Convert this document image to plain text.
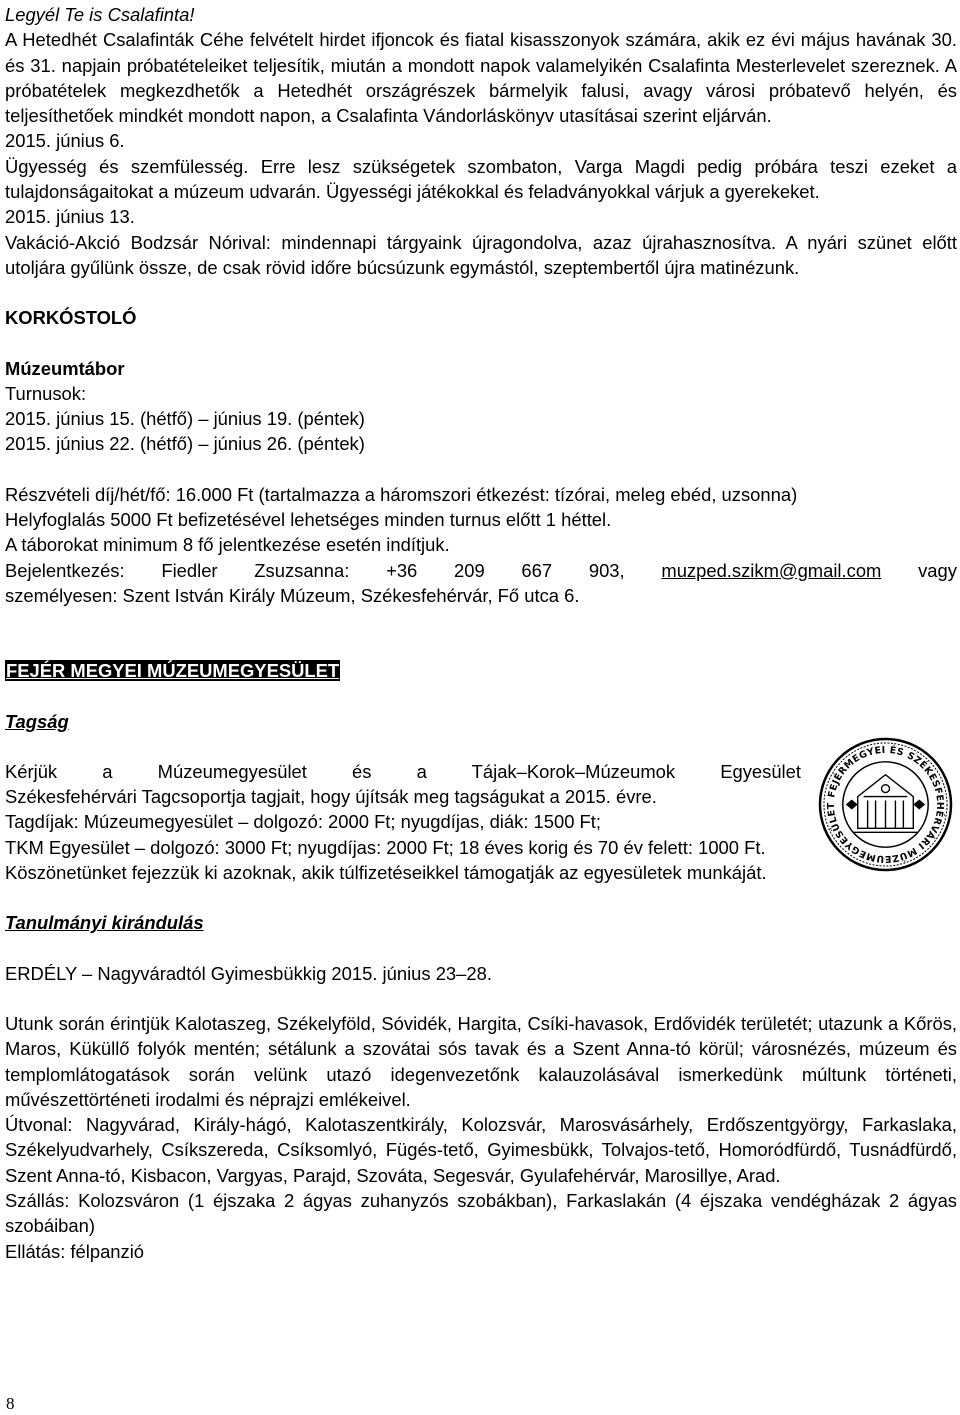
Legyél Te is Csalafinta!

A Hetedhét Csalafinták Céhe felvételt hirdet ifjoncok és fiatal kisasszonyok számára, akik ez évi május havának 30. és 31. napjain próbatételeiket teljesítik, miután a mondott napok valamelyikén Csalafinta Mesterlevelet szereznek. A próbatételek megkezdhetők a Hetedhét országrészek bármelyik falusi, avagy városi próbatevő helyén, és teljesíthetőek mindkét mondott napon, a Csalafinta Vándorláskönyv utasításai szerint eljárván.

2015. június 6.

Ügyesség és szemfülesség. Erre lesz szükségetek szombaton, Varga Magdi pedig próbára teszi ezeket a tulajdonságaitokat a múzeum udvarán. Ügyességi játékokkal és feladványokkal várjuk a gyerekeket.

2015. június 13.

Vakáció-Akció Bodzsár Nórival: mindennapi tárgyaink újragondolva, azaz újrahasznosítva. A nyári szünet előtt utoljára gyűlünk össze, de csak rövid időre búcsúzunk egymástól, szeptembertől újra matinézunk.

KORKÓSTOLÓ

Múzeumtábor

Turnusok:

2015. június 15. (hétfő) – június 19. (péntek)

2015. június 22. (hétfő) – június 26. (péntek)

Részvételi díj/hét/fő: 16.000 Ft (tartalmazza a háromszori étkezést: tízórai, meleg ebéd, uzsonna)

Helyfoglalás 5000 Ft befizetésével lehetséges minden turnus előtt 1 héttel.

A táborokat minimum 8 fő jelentkezése esetén indítjuk.

Bejelentkezés: Fiedler Zsuzsanna: +36 209 667 903, muzped.szikm@gmail.com vagy

személyesen: Szent István Király Múzeum, Székesfehérvár, Fő utca 6.

FEJÉR MEGYEI MÚZEUMEGYESÜLET

Tagság

Kérjük a Múzeumegyesület és a Tájak–Korok–Múzeumok Egyesület

Székesfehérvári Tagcsoportja tagjait, hogy újítsák meg tagságukat a 2015. évre.

Tagdíjak: Múzeumegyesület – dolgozó: 2000 Ft; nyugdíjas, diák: 1500 Ft;

TKM Egyesület – dolgozó: 3000 Ft; nyugdíjas: 2000 Ft; 18 éves korig és 70 év felett: 1000 Ft.

Köszönetünket fejezzük ki azoknak, akik túlfizetéseikkel támogatják az egyesületek munkáját.

Tanulmányi kirándulás

ERDÉLY – Nagyváradtól Gyimesbükkig 2015. június 23–28.

Utunk során érintjük Kalotaszeg, Székelyföld, Sóvidék, Hargita, Csíki-havasok, Erdővidék területét; utazunk a Kőrös, Maros, Küküllő folyók mentén; sétálunk a szovátai sós tavak és a Szent Anna-tó körül; városnézés, múzeum és templomlátogatások során velünk utazó idegenvezetőnk kalauzolásával ismerkedünk múltunk történeti, művészettörténeti irodalmi és néprajzi emlékeivel.

Útvonal: Nagyvárad, Király-hágó, Kalotaszentkirály, Kolozsvár, Marosvásárhely, Erdőszentgyörgy, Farkaslaka, Székelyudvarhely, Csíkszereda, Csíksomlyó, Fügés-tető, Gyimesbükk, Tolvajos-tető, Homoródfürdő, Tusnádfürdő, Szent Anna-tó, Kisbacon, Vargyas, Parajd, Szováta, Segesvár, Gyulafehérvár, Marosillye, Arad.

Szállás: Kolozsváron (1 éjszaka 2 ágyas zuhanyzós szobákban), Farkaslakán (4 éjszaka vendégházak 2 ágyas szobáiban)

Ellátás: félpanzió

FEJÉRMEGYEI ÉS SZÉKESFEHÉRVÁRI MÚZEUMEGYESÜLET
8
